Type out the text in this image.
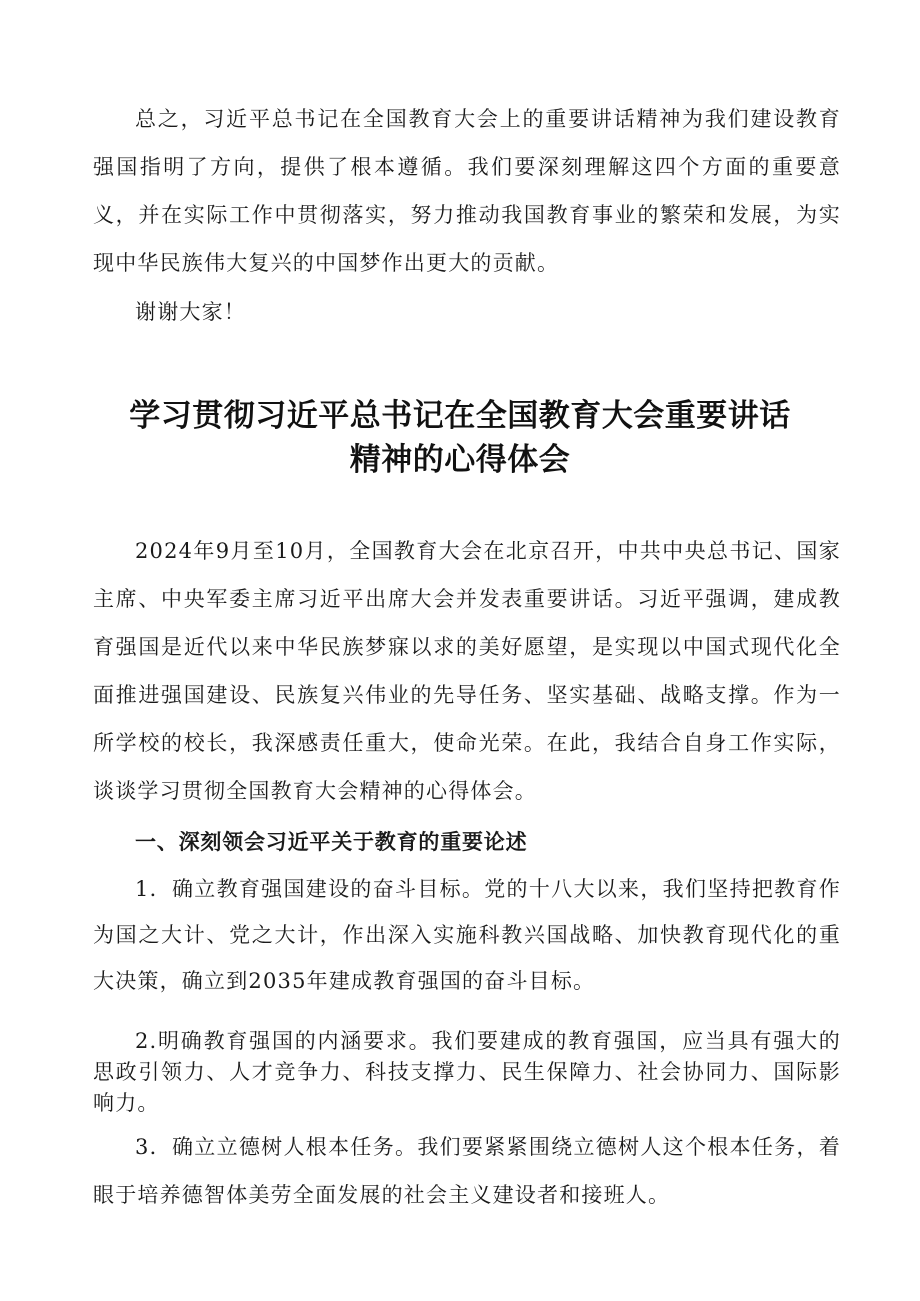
总之，习近平总书记在全国教育大会上的重要讲话精神为我们建设教育强国指明了方向，提供了根本遵循。我们要深刻理解这四个方面的重要意义，并在实际工作中贯彻落实，努力推动我国教育事业的繁荣和发展，为实现中华民族伟大复兴的中国梦作出更大的贡献。

谢谢大家！

学习贯彻习近平总书记在全国教育大会重要讲话
精神的心得体会

2024年9月至10月，全国教育大会在北京召开，中共中央总书记、国家主席、中央军委主席习近平出席大会并发表重要讲话。习近平强调，建成教育强国是近代以来中华民族梦寐以求的美好愿望，是实现以中国式现代化全面推进强国建设、民族复兴伟业的先导任务、坚实基础、战略支撑。作为一所学校的校长，我深感责任重大，使命光荣。在此，我结合自身工作实际，谈谈学习贯彻全国教育大会精神的心得体会。

一、深刻领会习近平关于教育的重要论述

1．确立教育强国建设的奋斗目标。党的十八大以来，我们坚持把教育作为国之大计、党之大计，作出深入实施科教兴国战略、加快教育现代化的重大决策，确立到2035年建成教育强国的奋斗目标。

2.明确教育强国的内涵要求。我们要建成的教育强国，应当具有强大的思政引领力、人才竞争力、科技支撑力、民生保障力、社会协同力、国际影响力。

3．确立立德树人根本任务。我们要紧紧围绕立德树人这个根本任务，着眼于培养德智体美劳全面发展的社会主义建设者和接班人。
